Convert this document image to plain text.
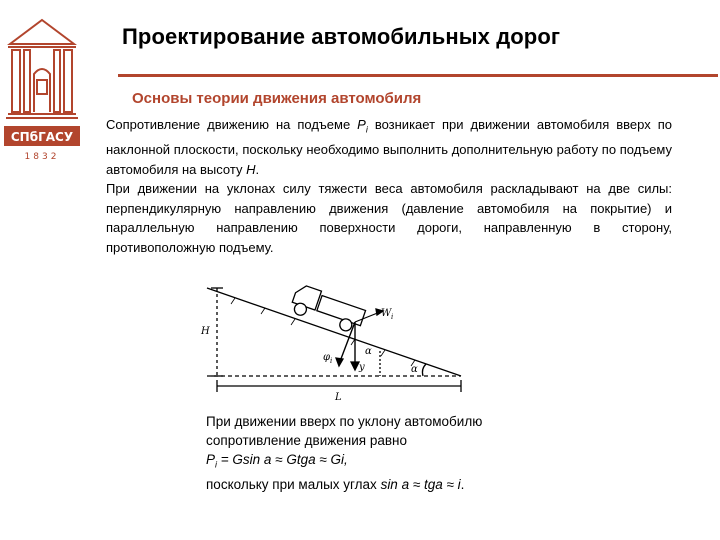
СПбГАСУ
1832
Проектирование автомобильных дорог
Основы теории движения автомобиля
Сопротивление движению на подъеме $P_i$ возникает при движении автомобиля вверх по наклонной плоскости, поскольку необходимо выполнить дополнительную работу по подъему автомобиля на высоту H.
При движении на уклонах силу тяжести веса автомобиля раскладывают на две силы: перпендикулярную направлению движения (давление автомобиля на покрытие) и параллельную направлению поверхности дороги, направленную в сторону, противоположную подъему.
H
L
W i
φ i
y
α
α
При движении вверх по уклону автомобилю
сопротивление движения равно
$P_i = Gsin$ a ≈ Gtga ≈ Gi,
поскольку при малых углах sin a ≈ tga ≈ i.
